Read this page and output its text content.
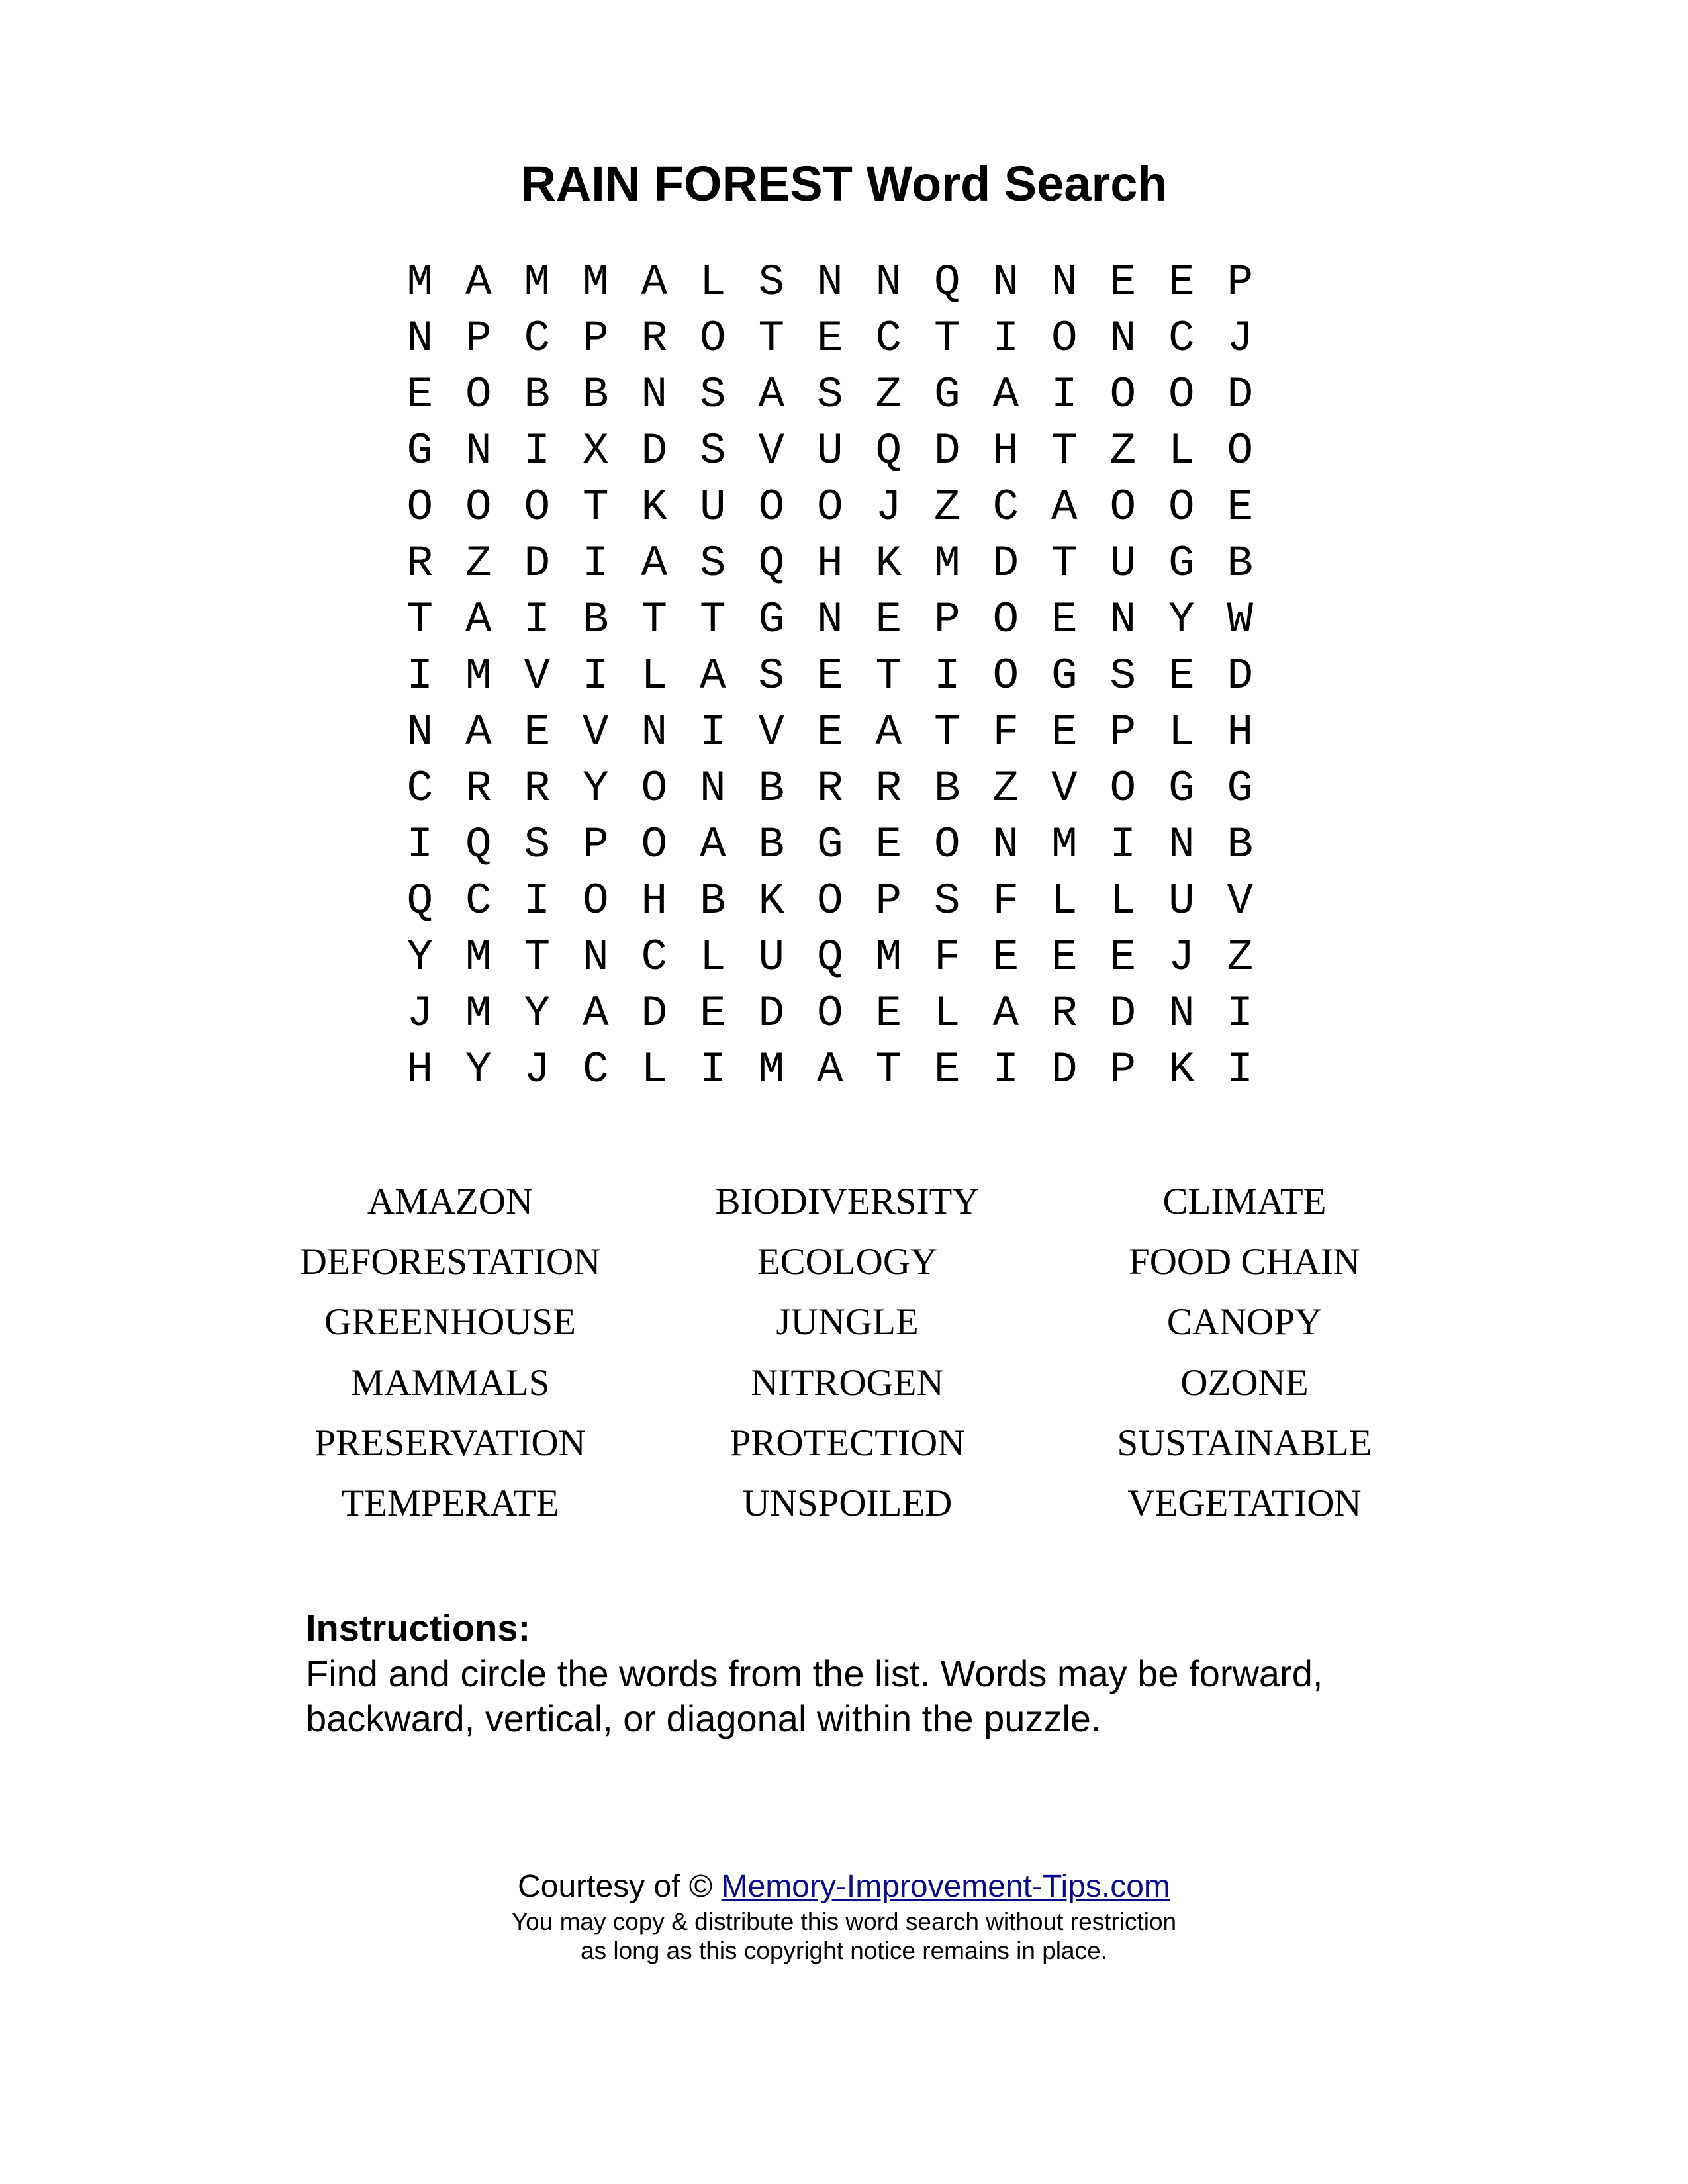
RAIN FOREST Word Search
M A M M A L S N N Q N N E E P
N P C P R O T E C T I O N C J
E O B B N S A S Z G A I O O D
G N I X D S V U Q D H T Z L O
O O O T K U O O J Z C A O O E
R Z D I A S Q H K M D T U G B
T A I B T T G N E P O E N Y W
I M V I L A S E T I O G S E D
N A E V N I V E A T F E P L H
C R R Y O N B R R B Z V O G G
I Q S P O A B G E O N M I N B
Q C I O H B K O P S F L L U V
Y M T N C L U Q M F E E E J Z
J M Y A D E D O E L A R D N I
H Y J C L I M A T E I D P K I
AMAZON	BIODIVERSITY	CLIMATE
DEFORESTATION	ECOLOGY	FOOD CHAIN
GREENHOUSE	JUNGLE	CANOPY
MAMMALS	NITROGEN	OZONE
PRESERVATION	PROTECTION	SUSTAINABLE
TEMPERATE	UNSPOILED	VEGETATION

Instructions:

Find and circle the words from the list. Words may be forward,

backward, vertical, or diagonal within the puzzle.

Courtesy of © Memory-Improvement-Tips.com
You may copy & distribute this word search without restriction
as long as this copyright notice remains in place.
